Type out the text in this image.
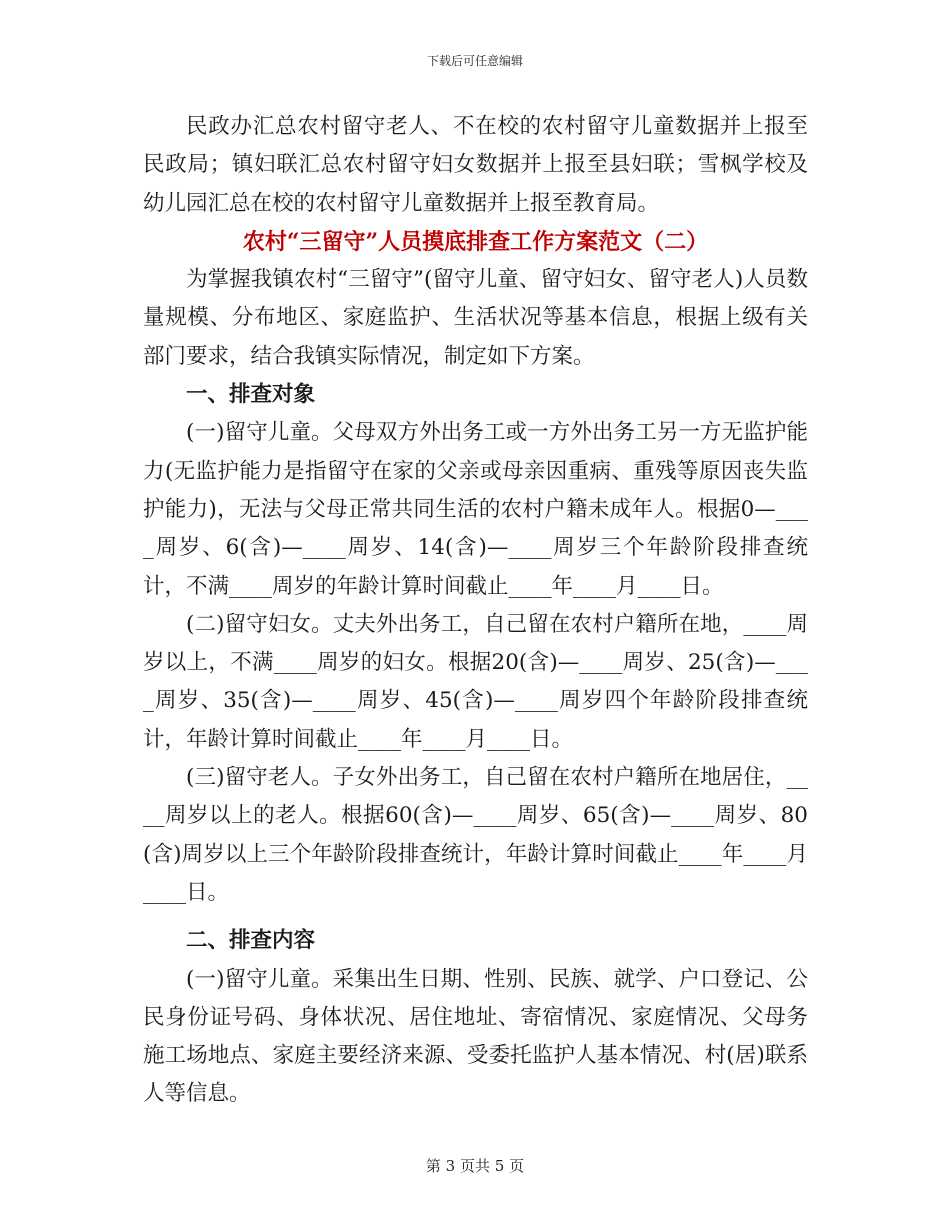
下载后可任意编辑

民政办汇总农村留守老人、不在校的农村留守儿童数据并上报至民政局；镇妇联汇总农村留守妇女数据并上报至县妇联；雪枫学校及幼儿园汇总在校的农村留守儿童数据并上报至教育局。

农村“三留守”人员摸底排查工作方案范文（二）

为掌握我镇农村“三留守”(留守儿童、留守妇女、留守老人)人员数量规模、分布地区、家庭监护、生活状况等基本信息，根据上级有关部门要求，结合我镇实际情况，制定如下方案。

一、排查对象

(一)留守儿童。父母双方外出务工或一方外出务工另一方无监护能力(无监护能力是指留守在家的父亲或母亲因重病、重残等原因丧失监护能力)，无法与父母正常共同生活的农村户籍未成年人。根据0—____周岁、6(含)—____周岁、14(含)—____周岁三个年龄阶段排查统计，不满____周岁的年龄计算时间截止____年____月____日。

(二)留守妇女。丈夫外出务工，自己留在农村户籍所在地，____周岁以上，不满____周岁的妇女。根据20(含)—____周岁、25(含)—____周岁、35(含)—____周岁、45(含)—____周岁四个年龄阶段排查统计，年龄计算时间截止____年____月____日。

(三)留守老人。子女外出务工，自己留在农村户籍所在地居住，____周岁以上的老人。根据60(含)—____周岁、65(含)—____周岁、80(含)周岁以上三个年龄阶段排查统计，年龄计算时间截止____年____月____日。

二、排查内容

(一)留守儿童。采集出生日期、性别、民族、就学、户口登记、公民身份证号码、身体状况、居住地址、寄宿情况、家庭情况、父母务施工场地点、家庭主要经济来源、受委托监护人基本情况、村(居)联系人等信息。

第 3 页共 5 页
